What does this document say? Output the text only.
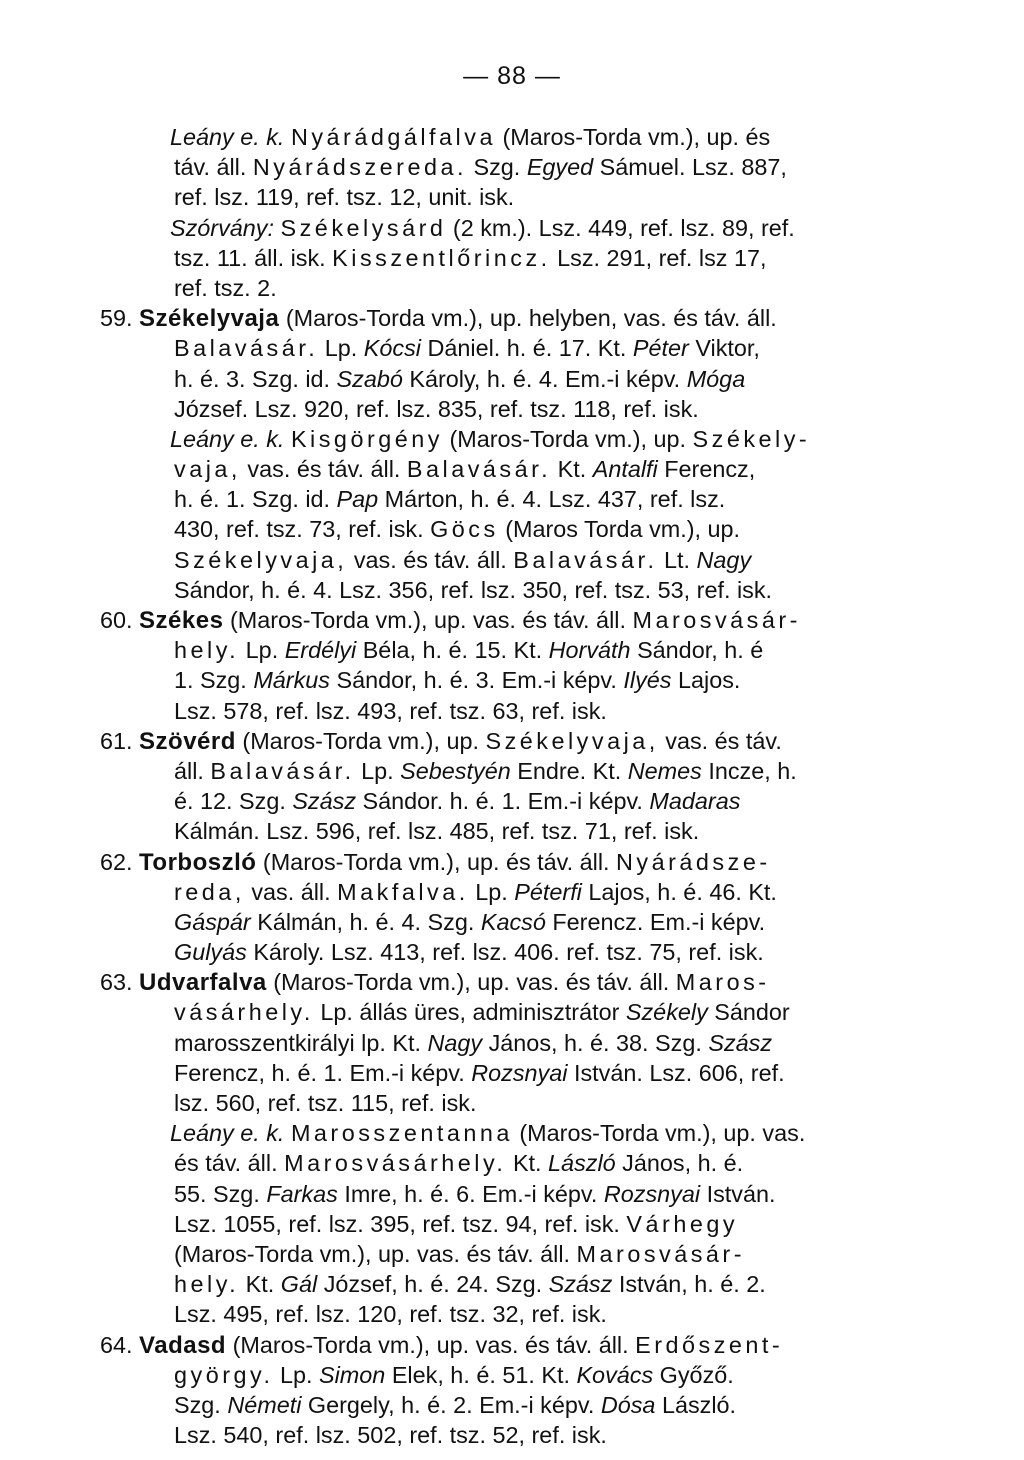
— 88 —
Leány e. k. Nyárádgálfalva (Maros-Torda vm.), up. és
táv. áll. Nyárádszereda. Szg. Egyed Sámuel. Lsz. 887,
ref. lsz. 119, ref. tsz. 12, unit. isk.
Szórvány: Székelysárd (2 km.). Lsz. 449, ref. lsz. 89, ref.
tsz. 11. áll. isk. Kisszentlőrincz. Lsz. 291, ref. lsz 17,
ref. tsz. 2.
59. Székelyvaja (Maros-Torda vm.), up. helyben, vas. és táv. áll.
Balavásár. Lp. Kócsi Dániel. h. é. 17. Kt. Péter Viktor,
h. é. 3. Szg. id. Szabó Károly, h. é. 4. Em.-i képv. Móga
József. Lsz. 920, ref. lsz. 835, ref. tsz. 118, ref. isk.
Leány e. k. Kisgörgény (Maros-Torda vm.), up. Székely-
vaja, vas. és táv. áll. Balavásár. Kt. Antalfi Ferencz,
h. é. 1. Szg. id. Pap Márton, h. é. 4. Lsz. 437, ref. lsz.
430, ref. tsz. 73, ref. isk. Göcs (Maros Torda vm.), up.
Székelyvaja, vas. és táv. áll. Balavásár. Lt. Nagy
Sándor, h. é. 4. Lsz. 356, ref. lsz. 350, ref. tsz. 53, ref. isk.
60. Székes (Maros-Torda vm.), up. vas. és táv. áll. Marosvásár-
hely. Lp. Erdélyi Béla, h. é. 15. Kt. Horváth Sándor, h. é
1. Szg. Márkus Sándor, h. é. 3. Em.-i képv. Ilyés Lajos.
Lsz. 578, ref. lsz. 493, ref. tsz. 63, ref. isk.
61. Szövérd (Maros-Torda vm.), up. Székelyvaja, vas. és táv.
áll. Balavásár. Lp. Sebestyén Endre. Kt. Nemes Incze, h.
é. 12. Szg. Szász Sándor. h. é. 1. Em.-i képv. Madaras
Kálmán. Lsz. 596, ref. lsz. 485, ref. tsz. 71, ref. isk.
62. Torboszló (Maros-Torda vm.), up. és táv. áll. Nyárádsze-
reda, vas. áll. Makfalva. Lp. Péterfi Lajos, h. é. 46. Kt.
Gáspár Kálmán, h. é. 4. Szg. Kacsó Ferencz. Em.-i képv.
Gulyás Károly. Lsz. 413, ref. lsz. 406. ref. tsz. 75, ref. isk.
63. Udvarfalva (Maros-Torda vm.), up. vas. és táv. áll. Maros-
vásárhely. Lp. állás üres, adminisztrátor Székely Sándor
marosszentkirályi lp. Kt. Nagy János, h. é. 38. Szg. Szász
Ferencz, h. é. 1. Em.-i képv. Rozsnyai István. Lsz. 606, ref.
lsz. 560, ref. tsz. 115, ref. isk.
Leány e. k. Marosszentanna (Maros-Torda vm.), up. vas.
és táv. áll. Marosvásárhely. Kt. László János, h. é.
55. Szg. Farkas Imre, h. é. 6. Em.-i képv. Rozsnyai István.
Lsz. 1055, ref. lsz. 395, ref. tsz. 94, ref. isk. Várhegy
(Maros-Torda vm.), up. vas. és táv. áll. Marosvásár-
hely. Kt. Gál József, h. é. 24. Szg. Szász István, h. é. 2.
Lsz. 495, ref. lsz. 120, ref. tsz. 32, ref. isk.
64. Vadasd (Maros-Torda vm.), up. vas. és táv. áll. Erdőszent-
györgy. Lp. Simon Elek, h. é. 51. Kt. Kovács Győző.
Szg. Németi Gergely, h. é. 2. Em.-i képv. Dósa László.
Lsz. 540, ref. lsz. 502, ref. tsz. 52, ref. isk.
